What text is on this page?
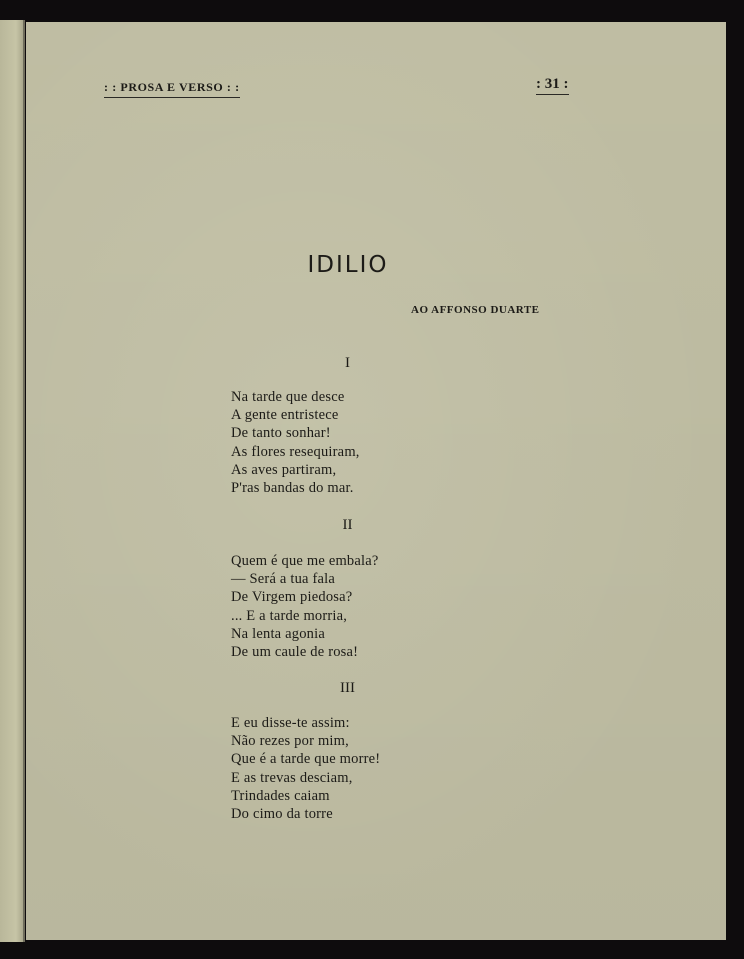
: : PROSA E VERSO : :	: 31 :
IDILIO
AO AFFONSO DUARTE
I
Na tarde que desce
A gente entristece
De tanto sonhar!
As flores resequiram,
As aves partiram,
P'ras bandas do mar.
II
Quem é que me embala?
— Será a tua fala
De Virgem piedosa?
... E a tarde morria,
Na lenta agonia
De um caule de rosa!
III
E eu disse-te assim:
Não rezes por mim,
Que é a tarde que morre!
E as trevas desciam,
Trindades caiam
Do cimo da torre
